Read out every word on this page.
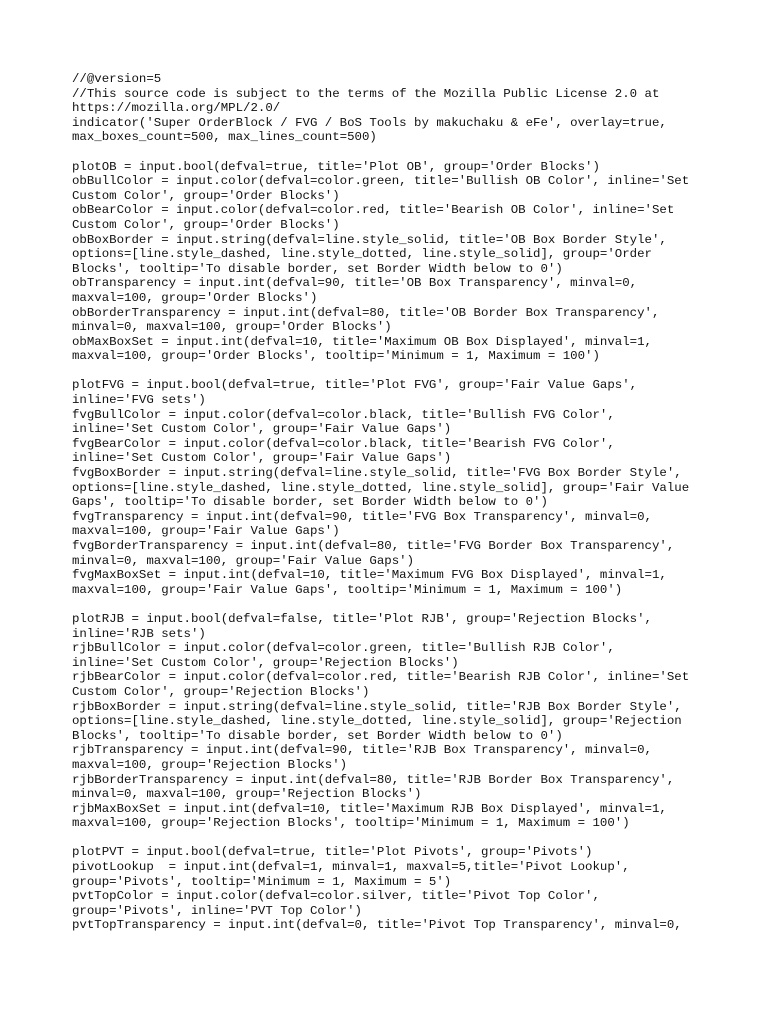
//@version=5
//This source code is subject to the terms of the Mozilla Public License 2.0 at
https://mozilla.org/MPL/2.0/
indicator('Super OrderBlock / FVG / BoS Tools by makuchaku & eFe', overlay=true,
max_boxes_count=500, max_lines_count=500)
plotOB = input.bool(defval=true, title='Plot OB', group='Order Blocks')
obBullColor = input.color(defval=color.green, title='Bullish OB Color', inline='Set
Custom Color', group='Order Blocks')
obBearColor = input.color(defval=color.red, title='Bearish OB Color', inline='Set
Custom Color', group='Order Blocks')
obBoxBorder = input.string(defval=line.style_solid, title='OB Box Border Style',
options=[line.style_dashed, line.style_dotted, line.style_solid], group='Order
Blocks', tooltip='To disable border, set Border Width below to 0')
obTransparency = input.int(defval=90, title='OB Box Transparency', minval=0,
maxval=100, group='Order Blocks')
obBorderTransparency = input.int(defval=80, title='OB Border Box Transparency',
minval=0, maxval=100, group='Order Blocks')
obMaxBoxSet = input.int(defval=10, title='Maximum OB Box Displayed', minval=1,
maxval=100, group='Order Blocks', tooltip='Minimum = 1, Maximum = 100')
plotFVG = input.bool(defval=true, title='Plot FVG', group='Fair Value Gaps',
inline='FVG sets')
fvgBullColor = input.color(defval=color.black, title='Bullish FVG Color',
inline='Set Custom Color', group='Fair Value Gaps')
fvgBearColor = input.color(defval=color.black, title='Bearish FVG Color',
inline='Set Custom Color', group='Fair Value Gaps')
fvgBoxBorder = input.string(defval=line.style_solid, title='FVG Box Border Style',
options=[line.style_dashed, line.style_dotted, line.style_solid], group='Fair Value
Gaps', tooltip='To disable border, set Border Width below to 0')
fvgTransparency = input.int(defval=90, title='FVG Box Transparency', minval=0,
maxval=100, group='Fair Value Gaps')
fvgBorderTransparency = input.int(defval=80, title='FVG Border Box Transparency',
minval=0, maxval=100, group='Fair Value Gaps')
fvgMaxBoxSet = input.int(defval=10, title='Maximum FVG Box Displayed', minval=1,
maxval=100, group='Fair Value Gaps', tooltip='Minimum = 1, Maximum = 100')
plotRJB = input.bool(defval=false, title='Plot RJB', group='Rejection Blocks',
inline='RJB sets')
rjbBullColor = input.color(defval=color.green, title='Bullish RJB Color',
inline='Set Custom Color', group='Rejection Blocks')
rjbBearColor = input.color(defval=color.red, title='Bearish RJB Color', inline='Set
Custom Color', group='Rejection Blocks')
rjbBoxBorder = input.string(defval=line.style_solid, title='RJB Box Border Style',
options=[line.style_dashed, line.style_dotted, line.style_solid], group='Rejection
Blocks', tooltip='To disable border, set Border Width below to 0')
rjbTransparency = input.int(defval=90, title='RJB Box Transparency', minval=0,
maxval=100, group='Rejection Blocks')
rjbBorderTransparency = input.int(defval=80, title='RJB Border Box Transparency',
minval=0, maxval=100, group='Rejection Blocks')
rjbMaxBoxSet = input.int(defval=10, title='Maximum RJB Box Displayed', minval=1,
maxval=100, group='Rejection Blocks', tooltip='Minimum = 1, Maximum = 100')
plotPVT = input.bool(defval=true, title='Plot Pivots', group='Pivots')
pivotLookup  = input.int(defval=1, minval=1, maxval=5,title='Pivot Lookup',
group='Pivots', tooltip='Minimum = 1, Maximum = 5')
pvtTopColor = input.color(defval=color.silver, title='Pivot Top Color',
group='Pivots', inline='PVT Top Color')
pvtTopTransparency = input.int(defval=0, title='Pivot Top Transparency', minval=0,
